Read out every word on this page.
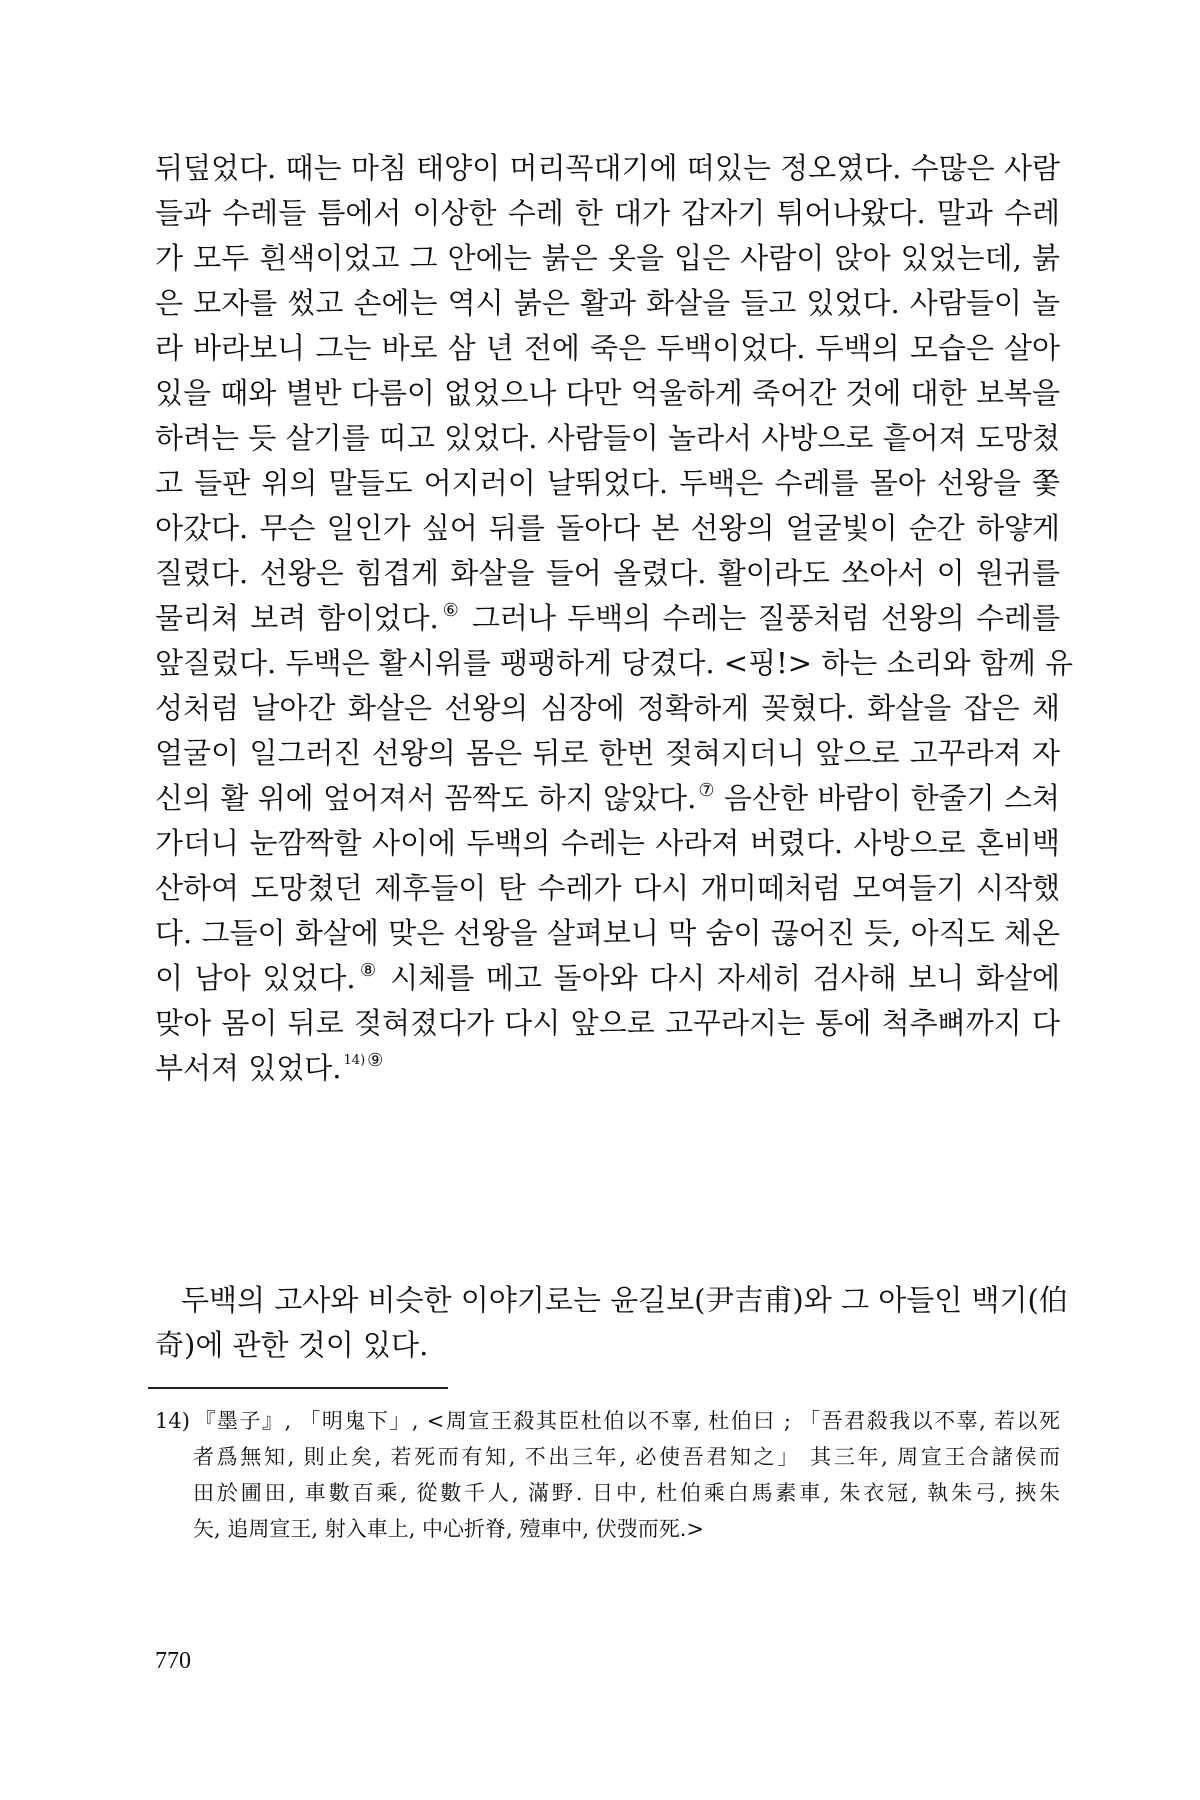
뒤덮었다. 때는 마침 태양이 머리꼭대기에 떠있는 정오였다. 수많은 사람
들과 수레들 틈에서 이상한 수레 한 대가 갑자기 튀어나왔다. 말과 수레
가 모두 흰색이었고 그 안에는 붉은 옷을 입은 사람이 앉아 있었는데, 붉
은 모자를 썼고 손에는 역시 붉은 활과 화살을 들고 있었다. 사람들이 놀
라 바라보니 그는 바로 삼 년 전에 죽은 두백이었다. 두백의 모습은 살아
있을 때와 별반 다름이 없었으나 다만 억울하게 죽어간 것에 대한 보복을
하려는 듯 살기를 띠고 있었다. 사람들이 놀라서 사방으로 흩어져 도망쳤
고 들판 위의 말들도 어지러이 날뛰었다. 두백은 수레를 몰아 선왕을 쫓
아갔다. 무슨 일인가 싶어 뒤를 돌아다 본 선왕의 얼굴빛이 순간 하얗게
질렸다. 선왕은 힘겹게 화살을 들어 올렸다. 활이라도 쏘아서 이 원귀를
물리쳐 보려 함이었다. ⑥ 그러나 두백의 수레는 질풍처럼 선왕의 수레를
앞질렀다. 두백은 활시위를 팽팽하게 당겼다. <핑!> 하는 소리와 함께 유
성처럼 날아간 화살은 선왕의 심장에 정확하게 꽂혔다. 화살을 잡은 채
얼굴이 일그러진 선왕의 몸은 뒤로 한번 젖혀지더니 앞으로 고꾸라져 자
신의 활 위에 엎어져서 꼼짝도 하지 않았다. ⑦ 음산한 바람이 한줄기 스쳐
가더니 눈깜짝할 사이에 두백의 수레는 사라져 버렸다. 사방으로 혼비백
산하여 도망쳤던 제후들이 탄 수레가 다시 개미떼처럼 모여들기 시작했
다. 그들이 화살에 맞은 선왕을 살펴보니 막 숨이 끊어진 듯, 아직도 체온
이 남아 있었다. ⑧ 시체를 메고 돌아와 다시 자세히 검사해 보니 화살에
맞아 몸이 뒤로 젖혀졌다가 다시 앞으로 고꾸라지는 통에 척추뼈까지 다
부서져 있었다. $^{14)}$ ⑨
두백의 고사와 비슷한 이야기로는 윤길보(尹吉甫)와 그 아들인 백기(伯
奇)에 관한 것이 있다.
14) 『墨子』, 「明鬼下」, <周宣王殺其臣杜伯以不辜, 杜伯曰 ; 「吾君殺我以不辜, 若以死
者爲無知, 則止矣, 若死而有知, 不出三年, 必使吾君知之」 其三年, 周宣王合諸侯而
田於圃田, 車數百乘, 從數千人, 滿野. 日中, 杜伯乘白馬素車, 朱衣冠, 執朱弓, 挾朱
矢, 追周宣王, 射入車上, 中心折脊, 殪車中, 伏弢而死.>
770
